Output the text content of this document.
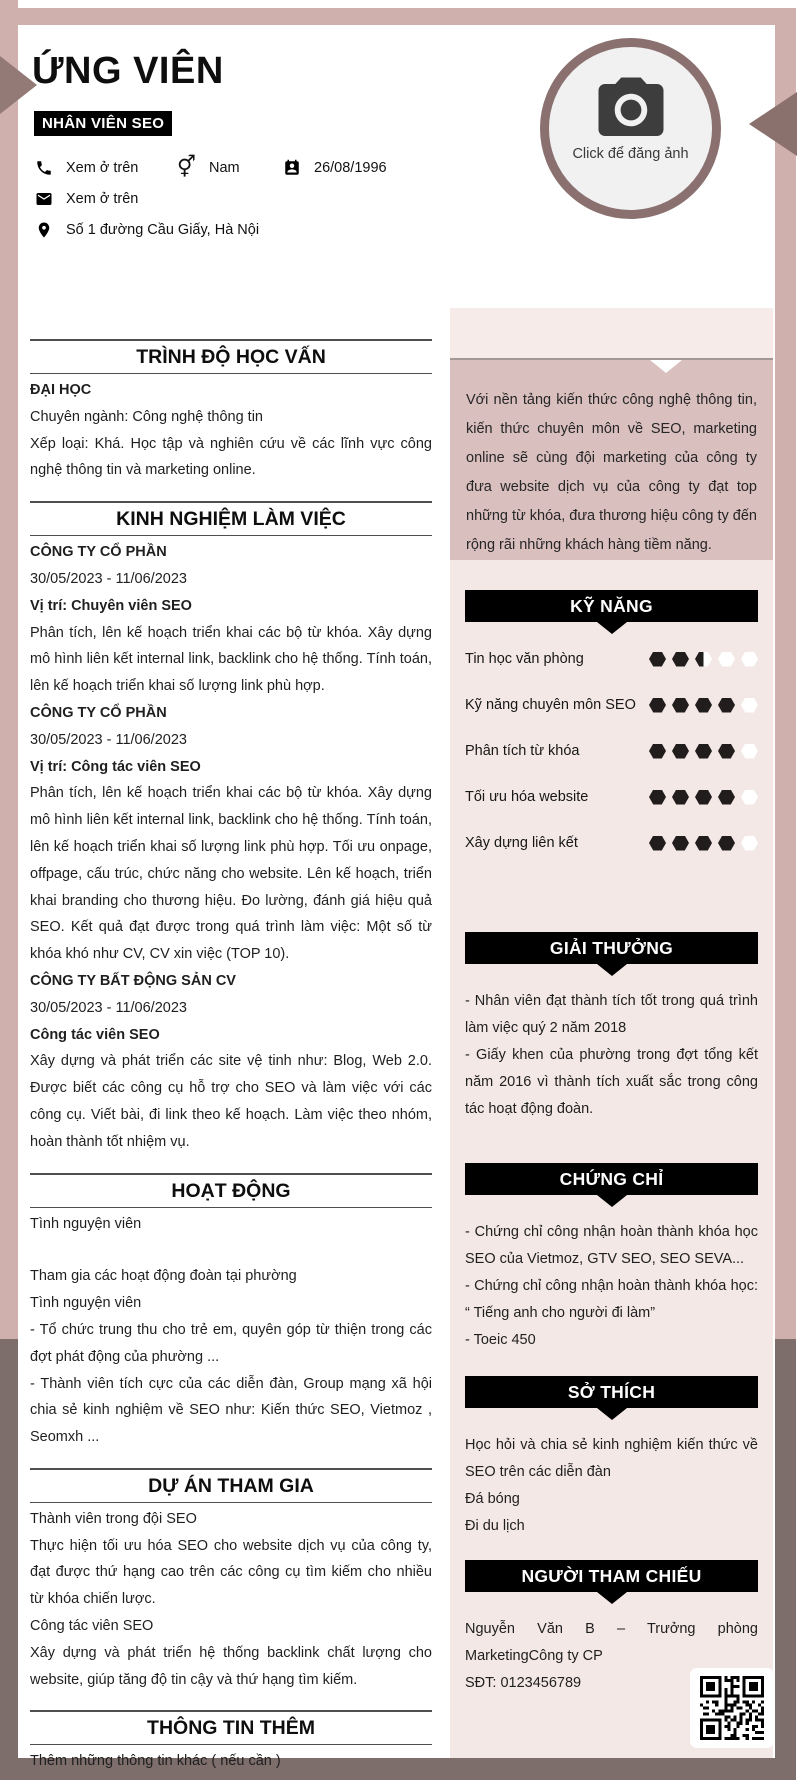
ỨNG VIÊN
NHÂN VIÊN SEO
Xem ở trên ⚥ Nam	26/08/1996
Xem ở trên
Số 1 đường Cầu Giấy, Hà Nội
Click để đăng ảnh
Với nền tảng kiến thức công nghệ thông tin, kiến thức chuyên môn về SEO, marketing online sẽ cùng đội marketing của công ty đưa website dịch vụ của công ty đạt top những từ khóa, đưa thương hiệu công ty đến rộng rãi những khách hàng tiềm năng.
TRÌNH ĐỘ HỌC VẤN

ĐẠI HỌC

Chuyên ngành: Công nghệ thông tin

Xếp loại: Khá. Học tập và nghiên cứu về các lĩnh vực công nghệ thông tin và marketing online.

KINH NGHIỆM LÀM VIỆC

CÔNG TY CỔ PHẦN

30/05/2023 - 11/06/2023

Vị trí: Chuyên viên SEO

Phân tích, lên kế hoạch triển khai các bộ từ khóa. Xây dựng mô hình liên kết internal link, backlink cho hệ thống. Tính toán, lên kế hoạch triển khai số lượng link phù hợp.

CÔNG TY CỔ PHẦN

30/05/2023 - 11/06/2023

Vị trí: Công tác viên SEO

Phân tích, lên kế hoạch triển khai các bộ từ khóa. Xây dựng mô hình liên kết internal link, backlink cho hệ thống. Tính toán, lên kế hoạch triển khai số lượng link phù hợp. Tối ưu onpage, offpage, cấu trúc, chức năng cho website. Lên kế hoạch, triển khai branding cho thương hiệu. Đo lường, đánh giá hiệu quả SEO. Kết quả đạt được trong quá trình làm việc: Một số từ khóa khó như CV, CV xin việc (TOP 10).

CÔNG TY BẤT ĐỘNG SẢN CV

30/05/2023 - 11/06/2023

Công tác viên SEO

Xây dựng và phát triển các site vệ tinh như: Blog, Web 2.0. Được biết các công cụ hỗ trợ cho SEO và làm việc với các công cụ. Viết bài, đi link theo kế hoạch. Làm việc theo nhóm, hoàn thành tốt nhiệm vụ.

HOẠT ĐỘNG

Tình nguyện viên

Tham gia các hoạt động đoàn tại phường

Tình nguyện viên

- Tổ chức trung thu cho trẻ em, quyên góp từ thiện trong các đợt phát động của phường ...

- Thành viên tích cực của các diễn đàn, Group mạng xã hội chia sẻ kinh nghiệm về SEO như: Kiến thức SEO, Vietmoz , Seomxh ...

DỰ ÁN THAM GIA

Thành viên trong đội SEO

Thực hiện tối ưu hóa SEO cho website dịch vụ của công ty, đạt được thứ hạng cao trên các công cụ tìm kiếm cho nhiều từ khóa chiến lược.

Công tác viên SEO

Xây dựng và phát triển hệ thống backlink chất lượng cho website, giúp tăng độ tin cậy và thứ hạng tìm kiếm.

THÔNG TIN THÊM

Thêm những thông tin khác ( nếu cần )

KỸ NĂNG
Tin học văn phòng
Kỹ năng chuyên môn SEO
Phân tích từ khóa
Tối ưu hóa website
Xây dựng liên kết
GIẢI THƯỞNG

- Nhân viên đạt thành tích tốt trong quá trình làm việc quý 2 năm 2018

- Giấy khen của phường trong đợt tổng kết năm 2016 vì thành tích xuất sắc trong công tác hoạt động đoàn.

CHỨNG CHỈ

- Chứng chỉ công nhận hoàn thành khóa học SEO của Vietmoz, GTV SEO, SEO SEVA...

- Chứng chỉ công nhận hoàn thành khóa học: “ Tiếng anh cho người đi làm”

- Toeic 450

SỞ THÍCH

Học hỏi và chia sẻ kinh nghiệm kiến thức về SEO trên các diễn đàn

Đá bóng

Đi du lịch

NGƯỜI THAM CHIẾU

Nguyễn Văn B – Trưởng phòng MarketingCông ty CP

SĐT: 0123456789
